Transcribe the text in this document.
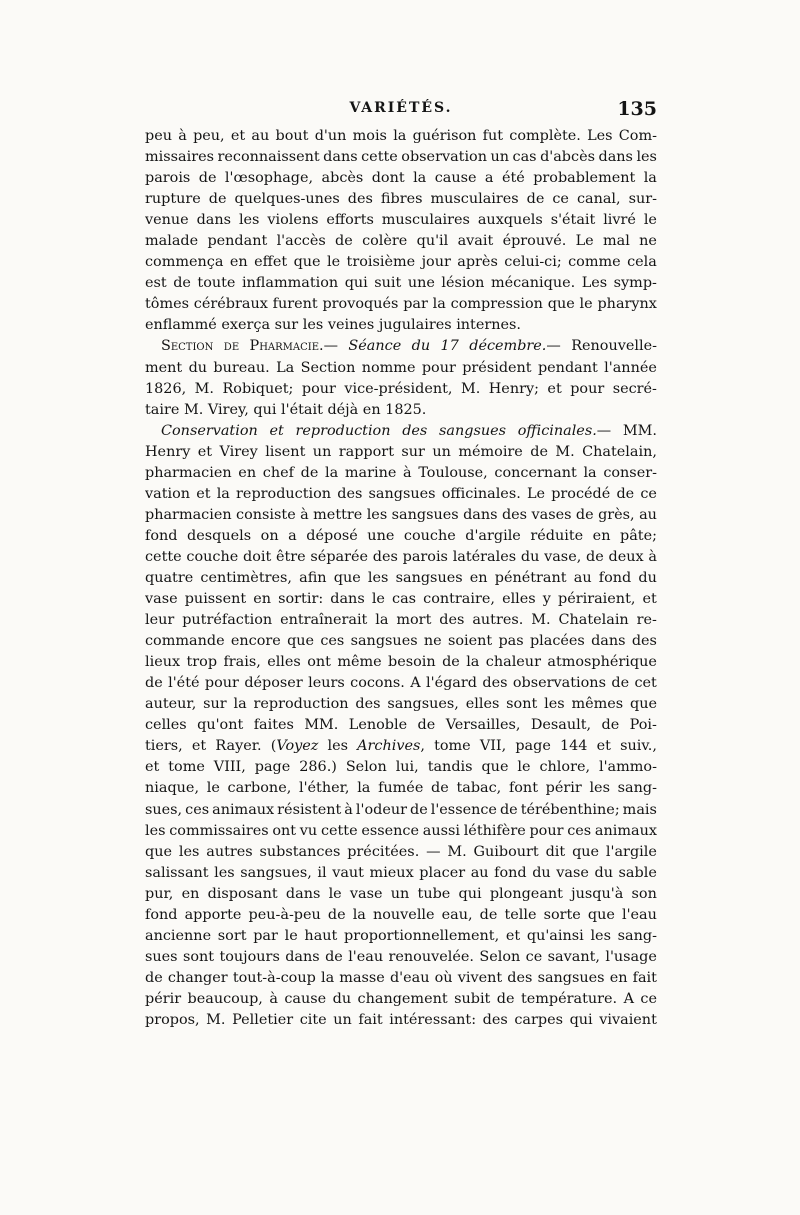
VARIÉTÉS.	135
peu à peu, et au bout d'un mois la guérison fut complète. Les Com-
missaires reconnaissent dans cette observation un cas d'abcès dans les
parois de l'œsophage, abcès dont la cause a été probablement la
rupture de quelques-unes des fibres musculaires de ce canal, sur-
venue dans les violens efforts musculaires auxquels s'était livré le
malade pendant l'accès de colère qu'il avait éprouvé. Le mal ne
commença en effet que le troisième jour après celui-ci; comme cela
est de toute inflammation qui suit une lésion mécanique. Les symp-
tômes cérébraux furent provoqués par la compression que le pharynx
enflammé
exerça
sur
les
veines
jugulaires
internes.
Section de Pharmacie.— Séance du 17 décembre.— Renouvelle-
ment du bureau. La Section nomme pour président pendant l'année
1826, M. Robiquet; pour vice-président, M. Henry; et pour secré-
taire
M.
Virey,
qui
l'était
déjà
en
1825.
Conservation et reproduction des sangsues officinales.— MM.
Henry et Virey lisent un rapport sur un mémoire de M. Chatelain,
pharmacien en chef de la marine à Toulouse, concernant la conser-
vation et la reproduction des sangsues officinales. Le procédé de ce
pharmacien consiste à mettre les sangsues dans des vases de grès, au
fond desquels on a déposé une couche d'argile réduite en pâte;
cette couche doit être séparée des parois latérales du vase, de deux à
quatre centimètres, afin que les sangsues en pénétrant au fond du
vase puissent en sortir: dans le cas contraire, elles y périraient, et
leur putréfaction entraînerait la mort des autres. M. Chatelain re-
commande encore que ces sangsues ne soient pas placées dans des
lieux trop frais, elles ont même besoin de la chaleur atmosphérique
de l'été pour déposer leurs cocons. A l'égard des observations de cet
auteur, sur la reproduction des sangsues, elles sont les mêmes que
celles qu'ont faites MM. Lenoble de Versailles, Desault, de Poi-
tiers, et Rayer. (Voyez les Archives, tome VII, page 144 et suiv.,
et tome VIII, page 286.) Selon lui, tandis que le chlore, l'ammo-
niaque, le carbone, l'éther, la fumée de tabac, font périr les sang-
sues, ces animaux résistent à l'odeur de l'essence de térébenthine; mais
les commissaires ont vu cette essence aussi léthifère pour ces animaux
que les autres substances précitées. — M. Guibourt dit que l'argile
salissant les sangsues, il vaut mieux placer au fond du vase du sable
pur, en disposant dans le vase un tube qui plongeant jusqu'à son
fond apporte peu-à-peu de la nouvelle eau, de telle sorte que l'eau
ancienne sort par le haut proportionnellement, et qu'ainsi les sang-
sues sont toujours dans de l'eau renouvelée. Selon ce savant, l'usage
de changer tout-à-coup la masse d'eau où vivent des sangsues en fait
périr beaucoup, à cause du changement subit de température. A ce
propos, M. Pelletier cite un fait intéressant: des carpes qui vivaient
